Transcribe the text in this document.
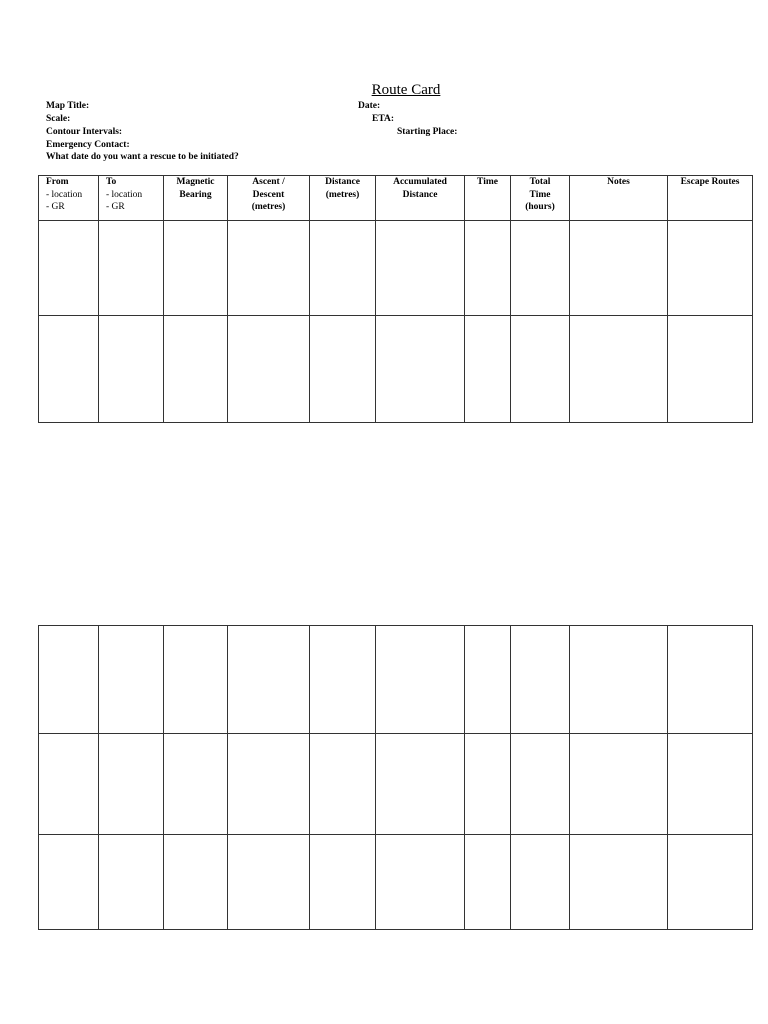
Route Card
Map Title:
Scale:
Contour Intervals:
Emergency Contact:
What date do you want a rescue to be initiated?
Date:
ETA:
Starting Place:
From
- location
- GR	To
- location
- GR	Magnetic
Bearing	Ascent /
Descent
(metres)	Distance
(metres)	Accumulated
Distance	Time	Total
Time
(hours)	Notes	Escape Routes
